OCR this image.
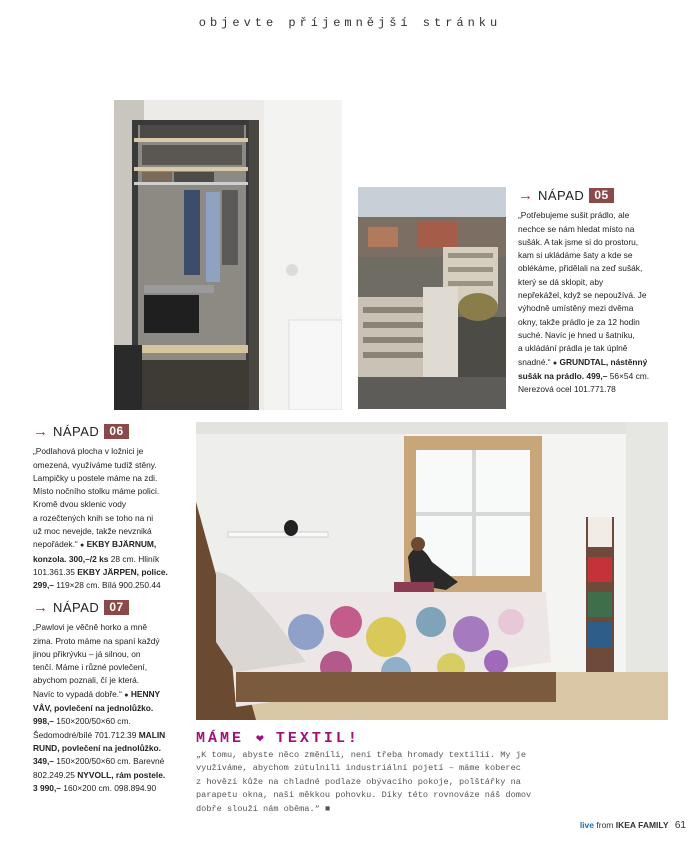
objevte příjemnější stránku
→ NÁPAD 05

„Potřebujeme sušit prádlo, ale
nechce se nám hledat místo na
sušák. A tak jsme si do prostoru,
kam si ukládáme šaty a kde se
oblékáme, přidělali na zeď sušák,
který se dá sklopit, aby
nepřekážel, když se nepoužívá. Je
výhodně umístěný mezi dvěma
okny, takže prádlo je za 12 hodin
suché. Navíc je hned u šatníku,
a ukládání prádla je tak úplně
snadné.“ ● GRUNDTAL, nástěnný
sušák na prádlo. 499,– 56×54 cm.
Nerezová ocel 101.771.78

→ NÁPAD 06

„Podlahová plocha v ložnici je
omezená, využíváme tudíž stěny.
Lampičky u postele máme na zdi.
Místo nočního stolku máme polici.
Kromě dvou sklenic vody
a rozečtených knih se toho na ni
už moc nevejde, takže nevzniká
nepořádek.“ ● EKBY BJÄRNUM,
konzola. 300,–/2 ks 28 cm. Hliník
101.361.35 EKBY JÄRPEN, police.
299,– 119×28 cm. Bílá 900.250.44

→ NÁPAD 07

„Pawlovi je věčně horko a mně
zima. Proto máme na spaní každý
jinou přikrývku – já silnou, on
tenčí. Máme i různé povlečení,
abychom poznali, čí je která.
Navíc to vypadá dobře.“ ● HENNY
VÅV, povlečení na jednolůžko.
998,– 150×200/50×60 cm.
Šedomodré/bílé 701.712.39 MALIN
RUND, povlečení na jednolůžko.
349,– 150×200/50×60 cm. Barevné
802.249.25 NYVOLL, rám postele.
3 990,– 160×200 cm. 098.894.90

MÁME ❤ TEXTIL!
„K tomu, abyste něco změnili, není třeba hromady textilií. My je
využíváme, abychom zútulnili industriální pojetí – máme koberec
z hovězí kůže na chladné podlaze obývacího pokoje, polštářky na
parapetu okna, naši měkkou pohovku. Díky této rovnováze náš domov
dobře slouží nám oběma.“ ■
live from IKEA FAMILY 61
